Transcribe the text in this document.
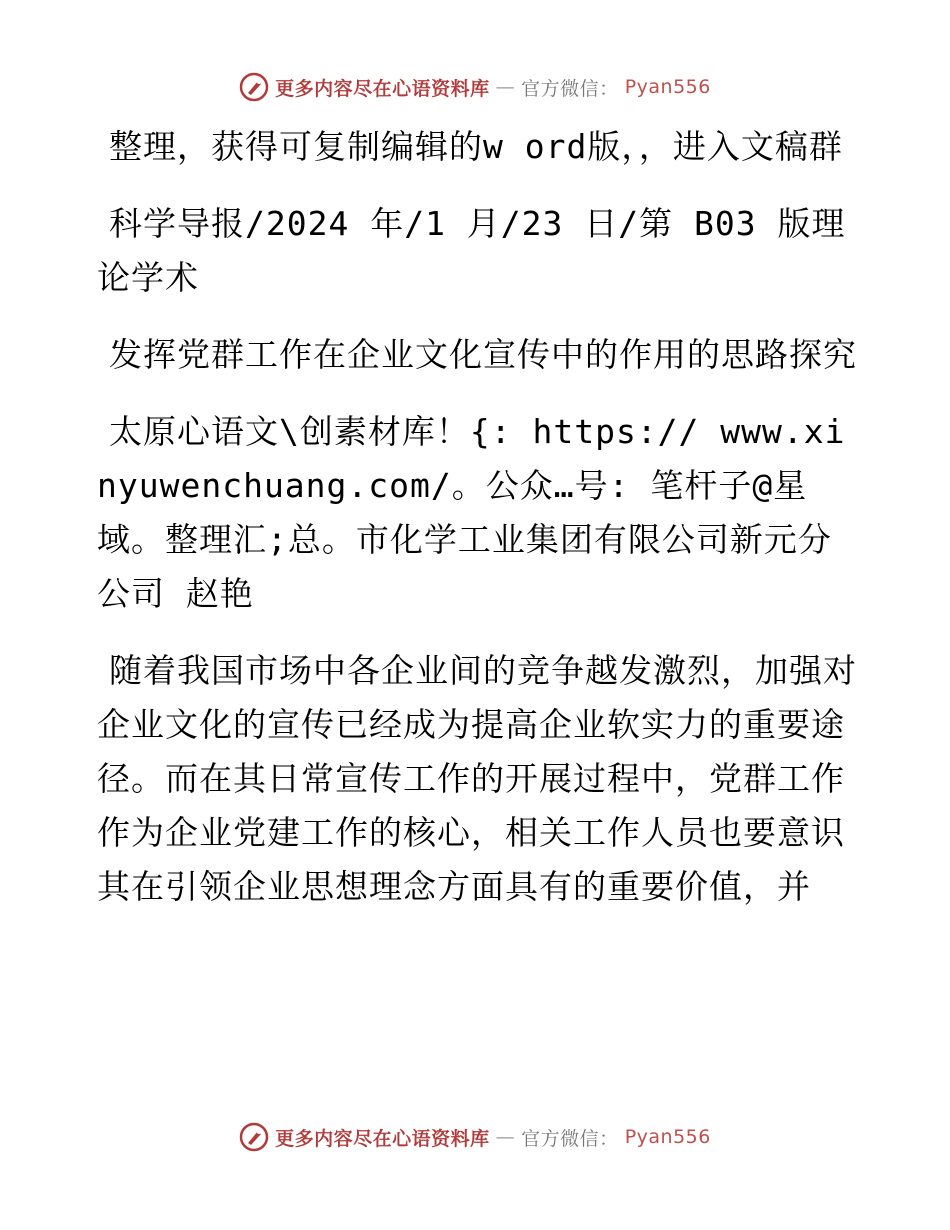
更多内容尽在心语资料库 — 官方微信： Pyan556

整理，获得可复制编辑的w ord版，，进入文稿群

科学导报/2024 年/1 月/23 日/第 B03 版理论学术

发挥党群工作在企业文化宣传中的作用的思路探究

太原心语文\创素材库！{: https:// www.xinyuwenchuang.com/。公众…号: 笔杆子@星域。整理汇;总。市化学工业集团有限公司新元分公司 赵艳

随着我国市场中各企业间的竞争越发激烈，加强对企业文化的宣传已经成为提高企业软实力的重要途径。而在其日常宣传工作的开展过程中，党群工作作为企业党建工作的核心，相关工作人员也要意识其在引领企业思想理念方面具有的重要价值，并

更多内容尽在心语资料库 — 官方微信： Pyan556
